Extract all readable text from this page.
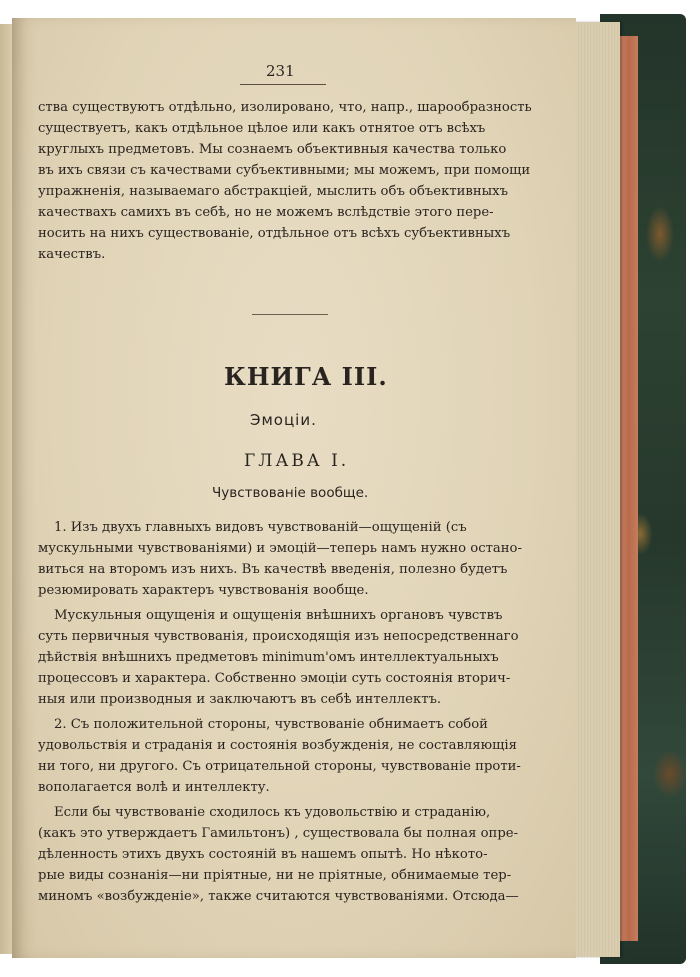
231
ства существуютъ отдѣльно, изолировано, что, напр., шарообразность
существуетъ, какъ отдѣльное цѣлое или какъ отнятое отъ всѣхъ
круглыхъ предметовъ. Мы сознаемъ объективныя качества только
въ ихъ связи съ качествами субъективными; мы можемъ, при помощи
упражненія, называемаго абстракціей, мыслить объ объективныхъ
качествахъ самихъ въ себѣ, но не можемъ вслѣдствіе этого пере-
носить на нихъ существованіе, отдѣльное отъ всѣхъ субъективныхъ
качествъ.
КНИГА III.
Эмоціи.
ГЛАВА I.
Чувствованіе вообще.
1. Изъ двухъ главныхъ видовъ чувствованій—ощущеній (съ
мускульными чувствованіями) и эмоцій—теперь намъ нужно остано-
виться на второмъ изъ нихъ. Въ качествѣ введенія, полезно будетъ
резюмировать характеръ чувствованія вообще.
Мускульныя ощущенія и ощущенія внѣшнихъ органовъ чувствъ
суть первичныя чувствованія, происходящія изъ непосредственнаго
дѣйствія внѣшнихъ предметовъ minimum'омъ интеллектуальныхъ
процессовъ и характера. Собственно эмоціи суть состоянія вторич-
ныя или производныя и заключаютъ въ себѣ интеллектъ.
2. Съ положительной стороны, чувствованіе обнимаетъ собой
удовольствія и страданія и состоянія возбужденія, не составляющія
ни того, ни другого. Съ отрицательной стороны, чувствованіе проти-
вополагается волѣ и интеллекту.
Если бы чувствованіе сходилось къ удовольствію и страданію,
(какъ это утверждаетъ Гамильтонъ) , существовала бы полная опре-
дѣленность этихъ двухъ состояній въ нашемъ опытѣ. Но нѣкото-
рые виды сознанія—ни пріятные, ни не пріятные, обнимаемые тер-
миномъ «возбужденіе», также считаются чувствованіями. Отсюда—
